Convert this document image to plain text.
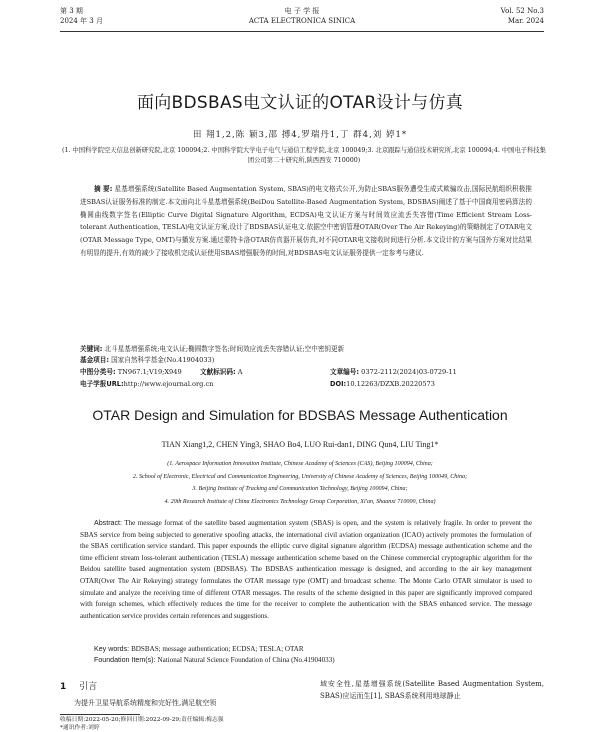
第 3 期
2024 年 3 月
电 子 学 报
ACTA ELECTRONICA SINICA
Vol. 52 No.3
Mar. 2024
面向BDSBAS电文认证的OTAR设计与仿真
田 翔1,2,陈 颖3,邵 搏4,罗瑞丹1,丁 群4,刘 婷1*
(1. 中国科学院空天信息创新研究院,北京 100094;2. 中国科学院大学电子电气与通信工程学院,北京 100049;3. 北京跟踪与通信技术研究所,北京 100094;4. 中国电子科技集团公司第二十研究所,陕西西安 710000)
摘 要: 星基增强系统(Satellite Based Augmentation System, SBAS)的电文格式公开,为防止SBAS服务遭受生成式欺骗攻击,国际民航组织积极推进SBAS认证服务标准的制定.本文面向北斗星基增强系统(BeiDou Satellite-Based Augmentation System, BDSBAS)阐述了基于中国商用密码算法的椭圆曲线数字签名(Elliptic Curve Digital Signature Algorithm, ECDSA)电文认证方案与时间效应流丢失容错(Time Efficient Stream Loss-tolerant Authentication, TESLA)电文认证方案,设计了BDSBAS认证电文.依据空中密钥管理OTAR(Over The Air Rekeying)的策略制定了OTAR电文(OTAR Message Type, OMT)与播发方案.通过蒙特卡洛OTAR仿真器开展仿真,对不同OTAR电文接收时间进行分析.本文设计的方案与国外方案对比结果有明显的提升,有效的减少了接收机完成认证使用SBAS增强服务的时间,对BDSBAS电文认证服务提供一定参考与建议.
关键词: 北斗星基增强系统;电文认证;椭圆数字签名;时间效应流丢失容错认证;空中密钥更新
基金项目: 国家自然科学基金(No.41904033)
中图分类号: TN967.1;V19;X949	文献标识码: A	文章编号: 0372-2112(2024)03-0729-11
电子学报URL:http://www.ejournal.org.cn	DOI:10.12263/DZXB.20220573
OTAR Design and Simulation for BDSBAS Message Authentication
TIAN Xiang1,2, CHEN Ying3, SHAO Bo4, LUO Rui-dan1, DING Qun4, LIU Ting1*
(1. Aerospace Information Innovation Institute, Chinese Academy of Sciences (CAS), Beijing 100094, China;
2. School of Electronic, Electrical and Communication Engineering, University of Chinese Academy of Sciences, Beijing 100049, China;
3. Beijing Institute of Tracking and Communication Technology, Beijing 100094, China;
4. 20th Research Institute of China Electronics Technology Group Corporation, Xi'an, Shaanxi 710000, China)
Abstract: The message format of the satellite based augmentation system (SBAS) is open, and the system is relatively fragile. In order to prevent the SBAS service from being subjected to generative spoofing attacks, the international civil aviation organization (ICAO) actively promotes the formulation of the SBAS certification service standard. This paper expounds the elliptic curve digital signature algorithm (ECDSA) message authentication scheme and the time efficient stream loss-tolerant authentication (TESLA) message authentication scheme based on the Chinese commercial cryptographic algorithm for the Beidou satellite based augmentation system (BDSBAS). The BDSBAS authentication message is designed, and according to the air key management OTAR(Over The Air Rekeying) strategy formulates the OTAR message type (OMT) and broadcast scheme. The Monte Carlo OTAR simulator is used to simulate and analyze the receiving time of different OTAR messages. The results of the scheme designed in this paper are significantly improved compared with foreign schemes, which effectively reduces the time for the receiver to complete the authentication with the SBAS enhanced service. The message authentication service provides certain references and suggestions.
Key words: BDSBAS; message authentication; ECDSA; TESLA; OTAR
Foundation Item(s): National Natural Science Foundation of China (No.41904033)
1 引言
为提升卫星导航系统精度和完好性,满足航空领
域安全性,星基增强系统(Satellite Based Augmentation System, SBAS)应运而生[1], SBAS系统利用地球静止
收稿日期:2022-05-20;修回日期:2022-09-29;责任编辑:梅志强
*通讯作者:刘婷
